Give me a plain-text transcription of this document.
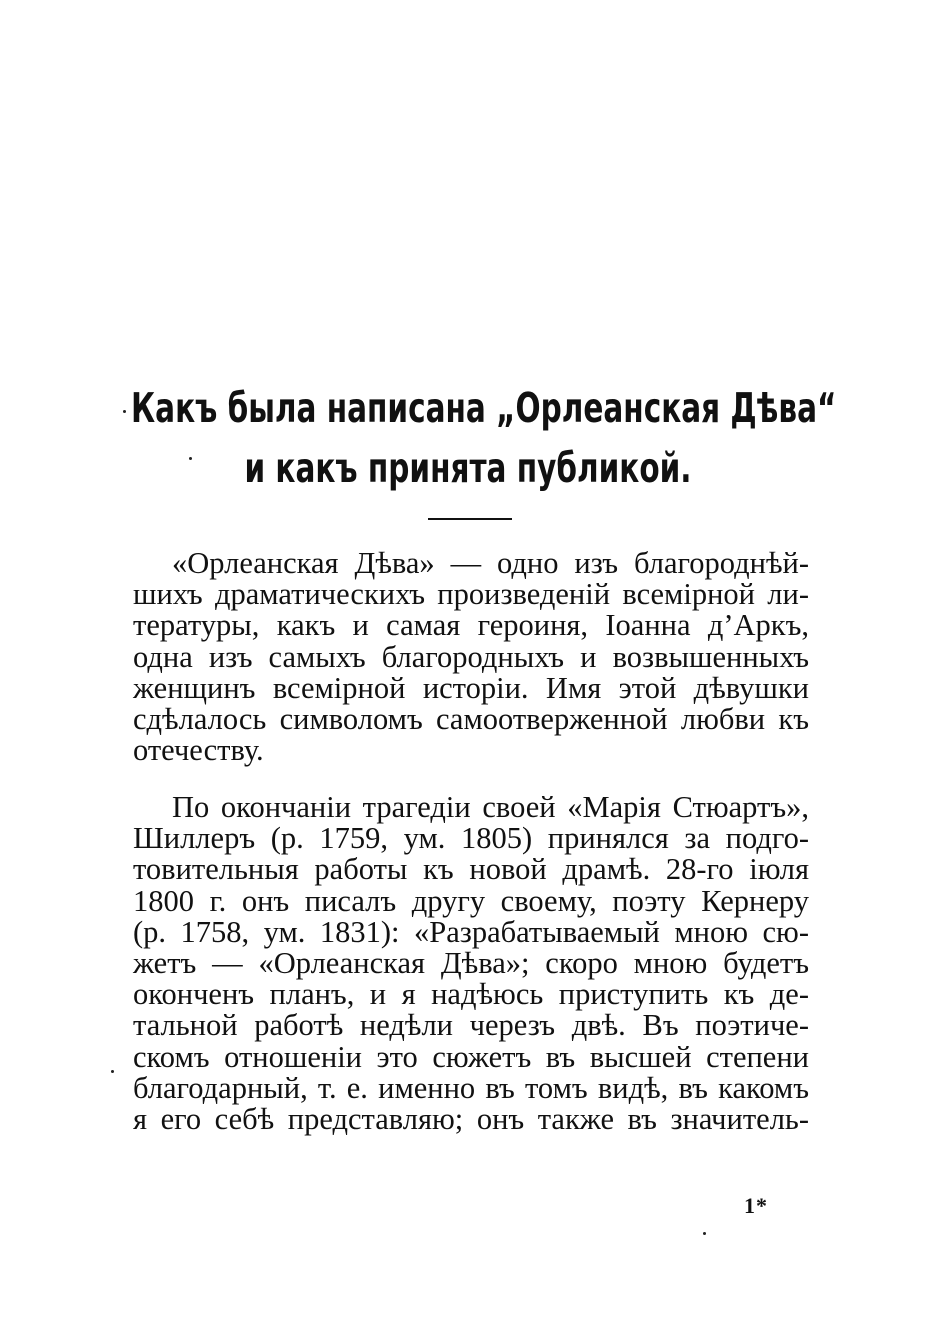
Какъ была написана „Орлеанская Дѣва“
и какъ принята публикой.
«Орлеанская Дѣва» — одно изъ благороднѣй-
шихъ драматическихъ произведенiй всемiрной ли-
тературы, какъ и самая героиня, Іоанна д’Аркъ,
одна изъ самыхъ благородныхъ и возвышенныхъ
женщинъ всемiрной исторiи. Имя этой дѣвушки
сдѣлалось символомъ самоотверженной любви къ
отечеству.
По окончанiи трагедiи своей «Марiя Стюартъ»,
Шиллеръ (р. 1759, ум. 1805) принялся за подго-
товительныя работы къ новой драмѣ. 28-го iюля
1800 г. онъ писалъ другу своему, поэту Кернеру
(р. 1758, ум. 1831): «Разрабатываемый мною сю-
жетъ — «Орлеанская Дѣва»; скоро мною будетъ
оконченъ планъ, и я надѣюсь приступить къ де-
тальной работѣ недѣли черезъ двѣ. Въ поэтиче-
скомъ отношенiи это сюжетъ въ высшей степени
благодарный, т. е. именно въ томъ видѣ, въ какомъ
я его себѣ представляю; онъ также въ значитель-
1*
